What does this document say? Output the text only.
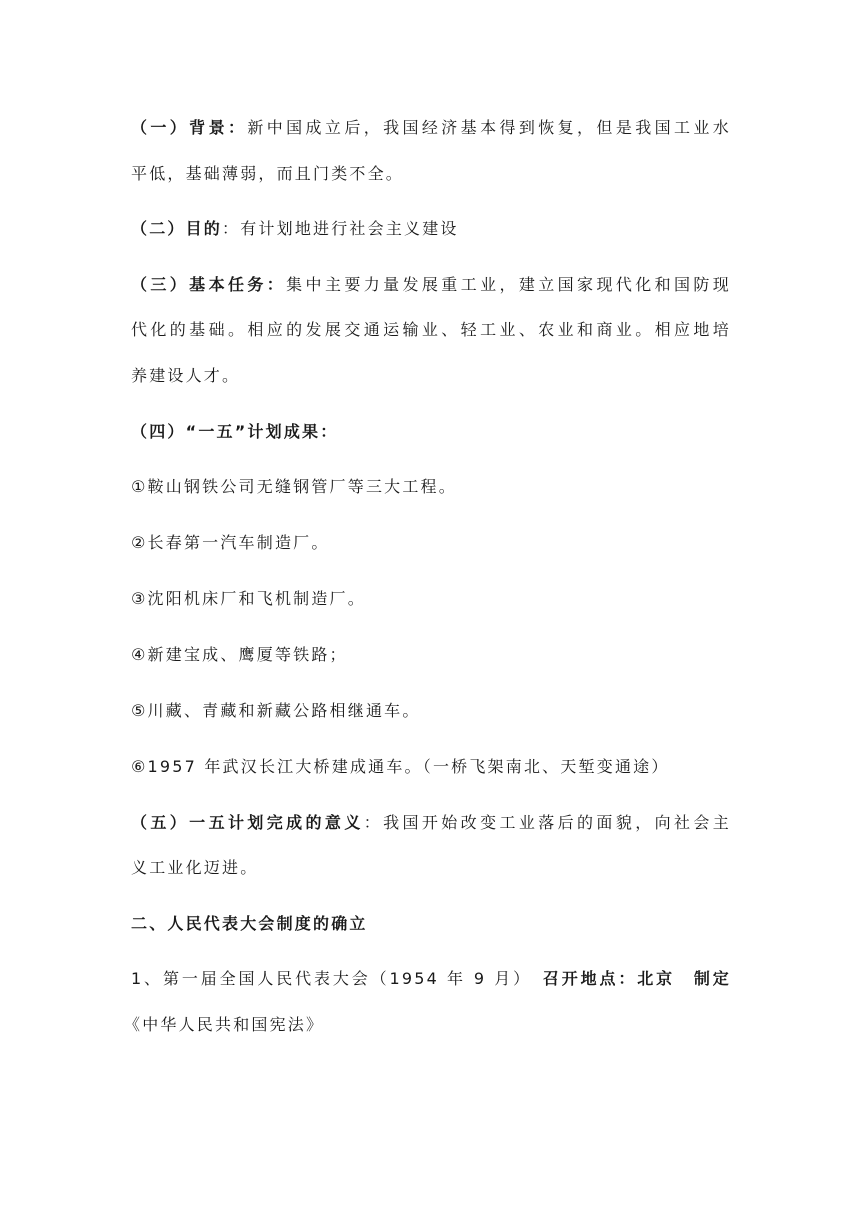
（一）背景：新中国成立后，我国经济基本得到恢复，但是我国工业水
平低，基础薄弱，而且门类不全。
（二）目的：有计划地进行社会主义建设
（三）基本任务：集中主要力量发展重工业，建立国家现代化和国防现
代化的基础。相应的发展交通运输业、轻工业、农业和商业。相应地培
养建设人才。
（四）“一五”计划成果：
①鞍山钢铁公司无缝钢管厂等三大工程。
②长春第一汽车制造厂。
③沈阳机床厂和飞机制造厂。
④新建宝成、鹰厦等铁路；
⑤川藏、青藏和新藏公路相继通车。
⑥1957 年武汉长江大桥建成通车。（一桥飞架南北、天堑变通途）
（五）一五计划完成的意义：我国开始改变工业落后的面貌，向社会主
义工业化迈进。
二、人民代表大会制度的确立
1、第一届全国人民代表大会（1954 年 9 月）　 召开地点：北京　制定
《中华人民共和国宪法》
